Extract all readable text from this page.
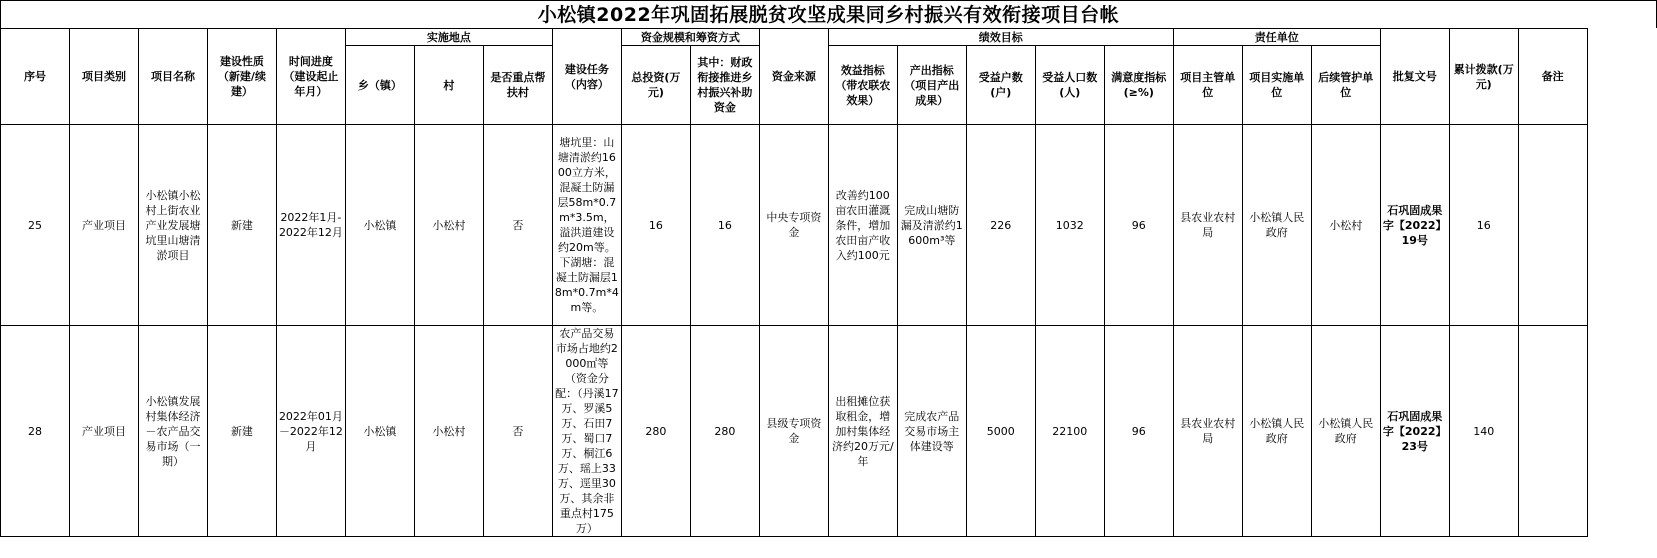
小松镇2022年巩固拓展脱贫攻坚成果同乡村振兴有效衔接项目台帐
序号	项目类别	项目名称	建设性质（新建/续建）	时间进度（建设起止年月）	实施地点			建设任务（内容）	资金规模和筹资方式		资金来源	绩效目标					责任单位			批复文号	累计拨款(万元)	备注
					乡（镇）	村	是否重点帮扶村		总投资(万元)	其中：财政衔接推进乡村振兴补助资金		效益指标（带农联农效果）	产出指标（项目产出成果）	受益户数(户)	受益人口数(人)	满意度指标(≥%)	项目主管单位	项目实施单位	后续管护单位			
25	产业项目	小松镇小松村上街农业产业发展塘坑里山塘清淤项目	新建	2022年1月-2022年12月	小松镇	小松村	否	塘坑里：山塘清淤约1600立方米，混凝土防漏层58m*0.7m*3.5m，溢洪道建设约20m等。下湖塘：混凝土防漏层18m*0.7m*4m等。	16	16	中央专项资金	改善约100亩农田灌溉条件，增加农田亩产收入约100元	完成山塘防漏及清淤约1600m³等	226	1032	96	县农业农村局	小松镇人民政府	小松村	石巩固成果字【2022】19号	16	
28	产业项目	小松镇发展村集体经济－农产品交易市场（一期）	新建	2022年01月－2022年12月	小松镇	小松村	否	农产品交易市场占地约2000㎡等（资金分配：（丹溪17万、罗溪5万、石田7万、蜀口7万、桐江6万、瑶上33万、逕里30万、其余非重点村175万）	280	280	县级专项资金	出租摊位获取租金，增加村集体经济约20万元/年	完成农产品交易市场主体建设等	5000	22100	96	县农业农村局	小松镇人民政府	小松镇人民政府	石巩固成果字【2022】23号	140	
